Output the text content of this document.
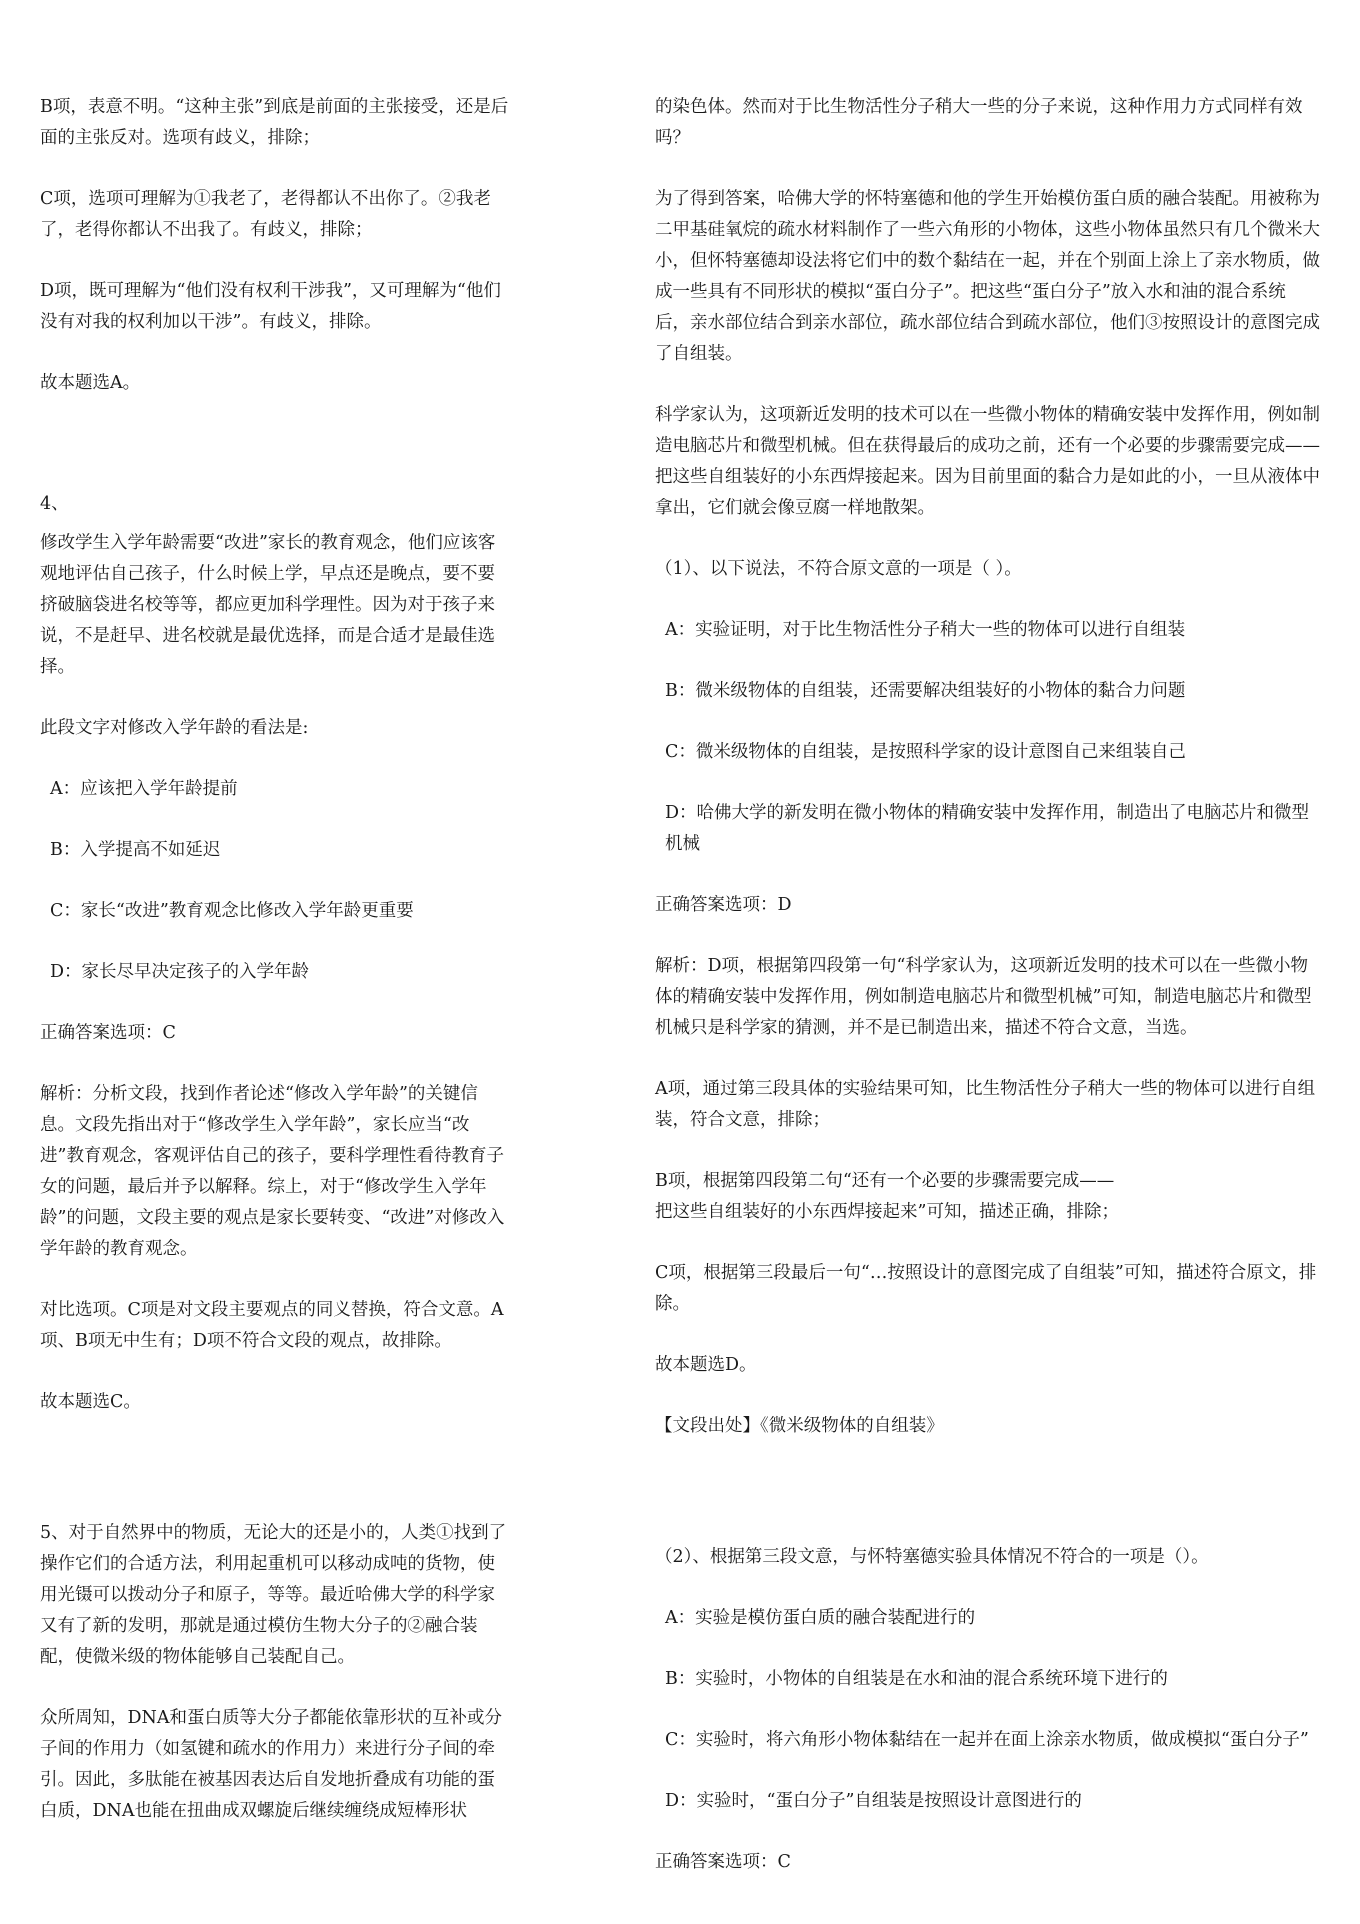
B项，表意不明。“这种主张”到底是前面的主张接受，还是后面的主张反对。选项有歧义，排除；
C项，选项可理解为①我老了，老得都认不出你了。②我老了，老得你都认不出我了。有歧义，排除；
D项，既可理解为“他们没有权利干涉我”，又可理解为“他们没有对我的权利加以干涉”。有歧义，排除。
故本题选A。
4、
修改学生入学年龄需要“改进”家长的教育观念，他们应该客观地评估自己孩子，什么时候上学，早点还是晚点，要不要挤破脑袋进名校等等，都应更加科学理性。因为对于孩子来说，不是赶早、进名校就是最优选择，而是合适才是最佳选择。
此段文字对修改入学年龄的看法是:
A：应该把入学年龄提前
B：入学提高不如延迟
C：家长“改进”教育观念比修改入学年龄更重要
D：家长尽早决定孩子的入学年龄
正确答案选项：C
解析：分析文段，找到作者论述“修改入学年龄”的关键信息。文段先指出对于“修改学生入学年龄”，家长应当“改进”教育观念，客观评估自己的孩子，要科学理性看待教育子女的问题，最后并予以解释。综上，对于“修改学生入学年龄”的问题，文段主要的观点是家长要转变、“改进”对修改入学年龄的教育观念。
对比选项。C项是对文段主要观点的同义替换，符合文意。A项、B项无中生有；D项不符合文段的观点，故排除。
故本题选C。
5、对于自然界中的物质，无论大的还是小的，人类①找到了操作它们的合适方法，利用起重机可以移动成吨的货物，使用光镊可以拨动分子和原子，等等。最近哈佛大学的科学家又有了新的发明，那就是通过模仿生物大分子的②融合装配，使微米级的物体能够自己装配自己。
众所周知，DNA和蛋白质等大分子都能依靠形状的互补或分子间的作用力（如氢键和疏水的作用力）来进行分子间的牵引。因此，多肽能在被基因表达后自发地折叠成有功能的蛋白质，DNA也能在扭曲成双螺旋后继续缠绕成短棒形状
的染色体。然而对于比生物活性分子稍大一些的分子来说，这种作用力方式同样有效吗？
为了得到答案，哈佛大学的怀特塞德和他的学生开始模仿蛋白质的融合装配。用被称为二甲基硅氧烷的疏水材料制作了一些六角形的小物体，这些小物体虽然只有几个微米大小，但怀特塞德却设法将它们中的数个黏结在一起，并在个别面上涂上了亲水物质，做成一些具有不同形状的模拟“蛋白分子”。把这些“蛋白分子”放入水和油的混合系统后，亲水部位结合到亲水部位，疏水部位结合到疏水部位，他们③按照设计的意图完成了自组装。
科学家认为，这项新近发明的技术可以在一些微小物体的精确安装中发挥作用，例如制造电脑芯片和微型机械。但在获得最后的成功之前，还有一个必要的步骤需要完成——
把这些自组装好的小东西焊接起来。因为目前里面的黏合力是如此的小，一旦从液体中拿出，它们就会像豆腐一样地散架。
（1）、以下说法，不符合原文意的一项是（ ）。
A：实验证明，对于比生物活性分子稍大一些的物体可以进行自组装
B：微米级物体的自组装，还需要解决组装好的小物体的黏合力问题
C：微米级物体的自组装，是按照科学家的设计意图自己来组装自己
D：哈佛大学的新发明在微小物体的精确安装中发挥作用，制造出了电脑芯片和微型机械
正确答案选项：D
解析：D项，根据第四段第一句“科学家认为，这项新近发明的技术可以在一些微小物体的精确安装中发挥作用，例如制造电脑芯片和微型机械”可知，制造电脑芯片和微型机械只是科学家的猜测，并不是已制造出来，描述不符合文意，当选。
A项，通过第三段具体的实验结果可知，比生物活性分子稍大一些的物体可以进行自组装，符合文意，排除；
B项，根据第四段第二句“还有一个必要的步骤需要完成——
把这些自组装好的小东西焊接起来”可知，描述正确，排除；
C项，根据第三段最后一句“…按照设计的意图完成了自组装”可知，描述符合原文，排除。
故本题选D。
【文段出处】《微米级物体的自组装》
（2）、根据第三段文意，与怀特塞德实验具体情况不符合的一项是（）。
A：实验是模仿蛋白质的融合装配进行的
B：实验时，小物体的自组装是在水和油的混合系统环境下进行的
C：实验时，将六角形小物体黏结在一起并在面上涂亲水物质，做成模拟“蛋白分子”
D：实验时，“蛋白分子”自组装是按照设计意图进行的
正确答案选项：C
